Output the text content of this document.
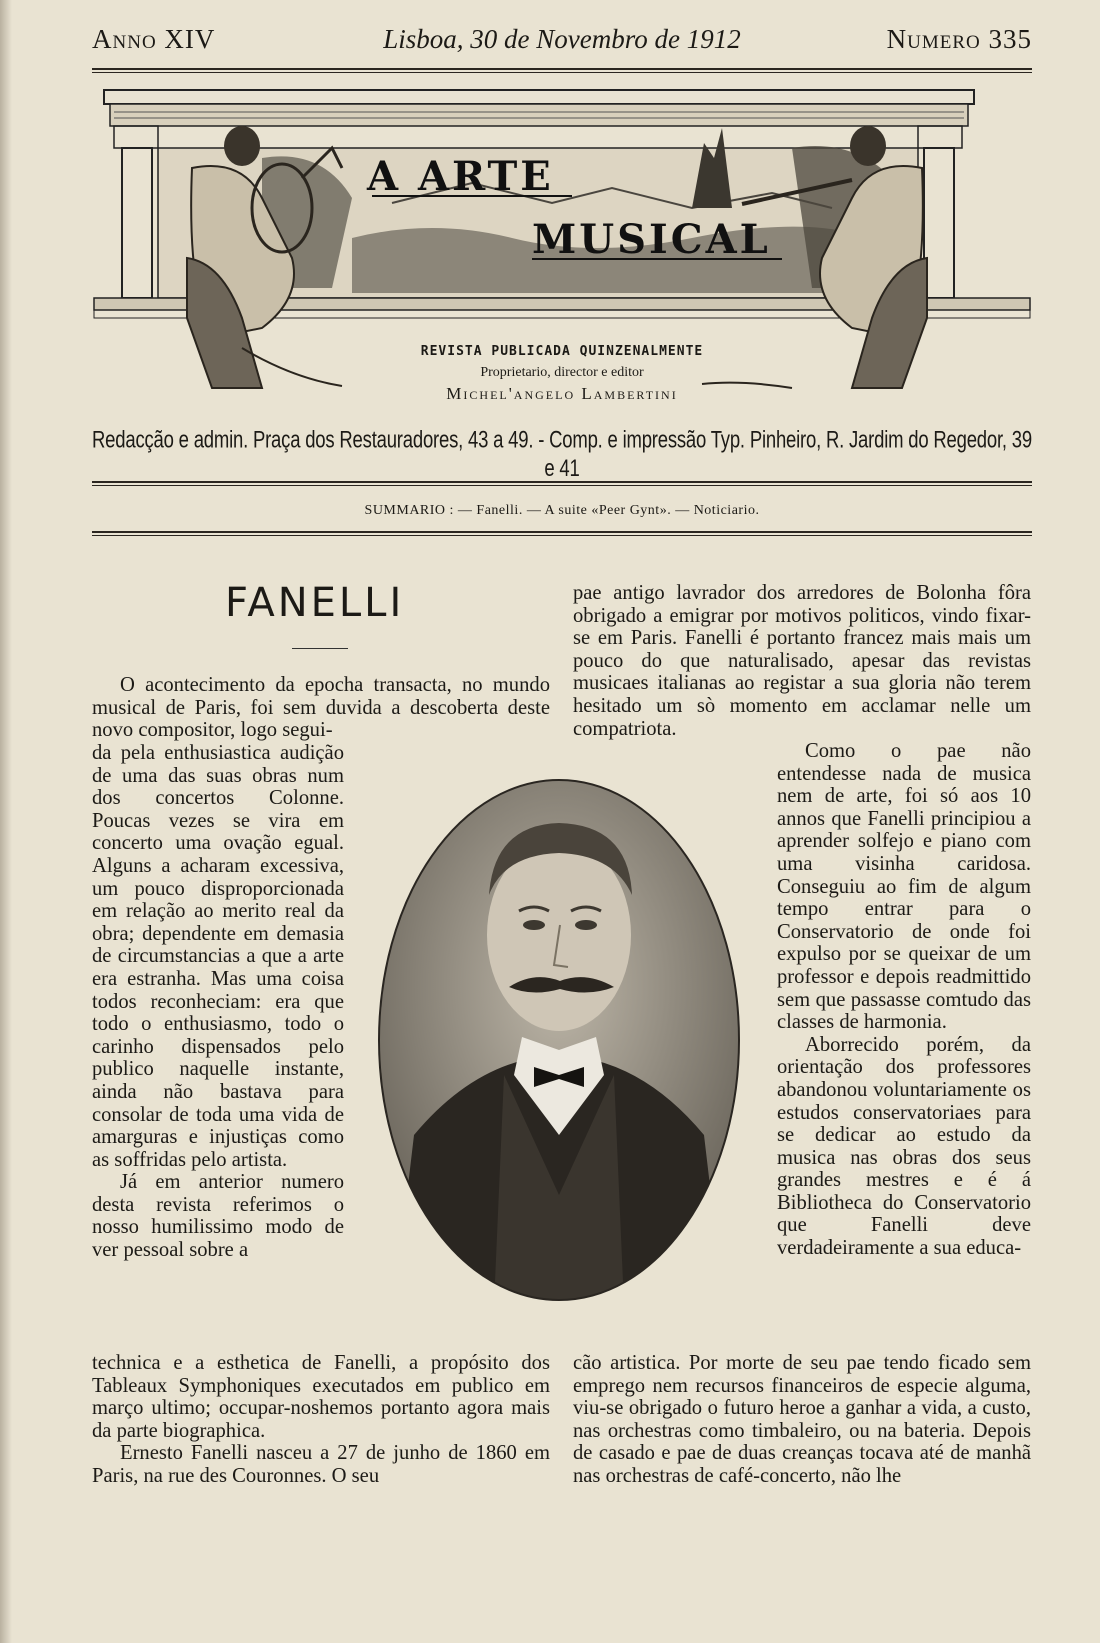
Anno XIV	Lisboa, 30 de Novembro de 1912	Numero 335
A ARTE
MUSICAL
REVISTA PUBLICADA QUINZENALMENTE
Proprietario, director e editor
Michel'angelo Lambertini
Redacção e admin. Praça dos Restauradores, 43 a 49. - Comp. e impressão Typ. Pinheiro, R. Jardim do Regedor, 39 e 41
SUMMARIO : — Fanelli. — A suite «Peer Gynt». — Noticiario.
FANELLI

O acontecimento da epocha transacta, no mundo musical de Paris, foi sem duvida a descoberta deste novo compositor, logo segui-

da pela enthusiastica audição de uma das suas obras num dos concertos Colonne. Poucas vezes se vira em concerto uma ovação egual. Alguns a acharam excessiva, um pouco disproporcionada em relação ao merito real da obra; dependente em demasia de circumstancias a que a arte era estranha. Mas uma coisa todos reconheciam: era que todo o enthusiasmo, todo o carinho dispensados pelo publico naquelle instante, ainda não bastava para consolar de toda uma vida de amarguras e injustiças como as soffridas pelo artista.

Já em anterior numero desta revista referimos o nosso humilissimo modo de ver pessoal sobre a

technica e a esthetica de Fanelli, a propósito dos Tableaux Symphoniques executados em publico em março ultimo; occupar-noshemos portanto agora mais da parte biographica.

Ernesto Fanelli nasceu a 27 de junho de 1860 em Paris, na rue des Couronnes. O seu

pae antigo lavrador dos arredores de Bolonha fôra obrigado a emigrar por motivos politicos, vindo fixar-se em Paris. Fanelli é portanto francez mais mais um pouco do que naturalisado, apesar das revistas musicaes italianas ao registar a sua gloria não terem hesitado um sò momento em acclamar nelle um compatriota.

Como o pae não entendesse nada de musica nem de arte, foi só aos 10 annos que Fanelli principiou a aprender solfejo e piano com uma visinha caridosa. Conseguiu ao fim de algum tempo entrar para o Conservatorio de onde foi expulso por se queixar de um professor e depois readmittido sem que passasse comtudo das classes de harmonia.

Aborrecido porém, da orientação dos professores abandonou voluntariamente os estudos conservatoriaes para se dedicar ao estudo da musica nas obras dos seus grandes mestres e é á Bibliotheca do Conservatorio que Fanelli deve verdadeiramente a sua educa-

cão artistica. Por morte de seu pae tendo ficado sem emprego nem recursos financeiros de especie alguma, viu-se obrigado o futuro heroe a ganhar a vida, a custo, nas orchestras como timbaleiro, ou na bateria. Depois de casado e pae de duas creanças tocava até de manhã nas orchestras de café-concerto, não lhe
